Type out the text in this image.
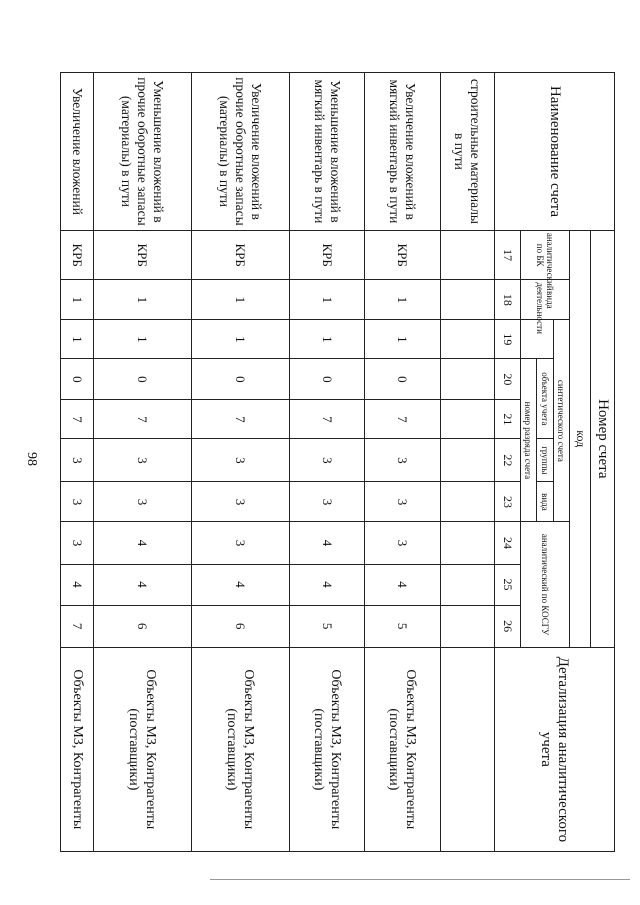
98
Наименование счета	Номер счета										Детализация аналитического учета
	код										
	аналитический по БК	вида деятельности	синтетического счета					аналитический по КОСГУ			
				объекта учета		группы	вида				
				номер разряда счета							
	17	18	19	20	21	22	23	24	25	26	
строительные материалы в пути											
Увеличение вложений в мягкий инвентарь в пути	КРБ	1	1	0	7	3	3	3	4	5	Объекты МЗ, Контрагенты (поставщики)
Уменьшение вложений в мягкий инвентарь в пути	КРБ	1	1	0	7	3	3	4	4	5	Объекты МЗ, Контрагенты (поставщики)
Увеличение вложений в прочие оборотные запасы (материалы) в пути	КРБ	1	1	0	7	3	3	3	4	6	Объекты МЗ, Контрагенты (поставщики)
Уменьшение вложений в прочие оборотные запасы (материалы) в пути	КРБ	1	1	0	7	3	3	4	4	6	Объекты МЗ, Контрагенты (поставщики)
Увеличение вложений	КРБ	1	1	0	7	3	3	3	4	7	Объекты МЗ, Контрагенты
